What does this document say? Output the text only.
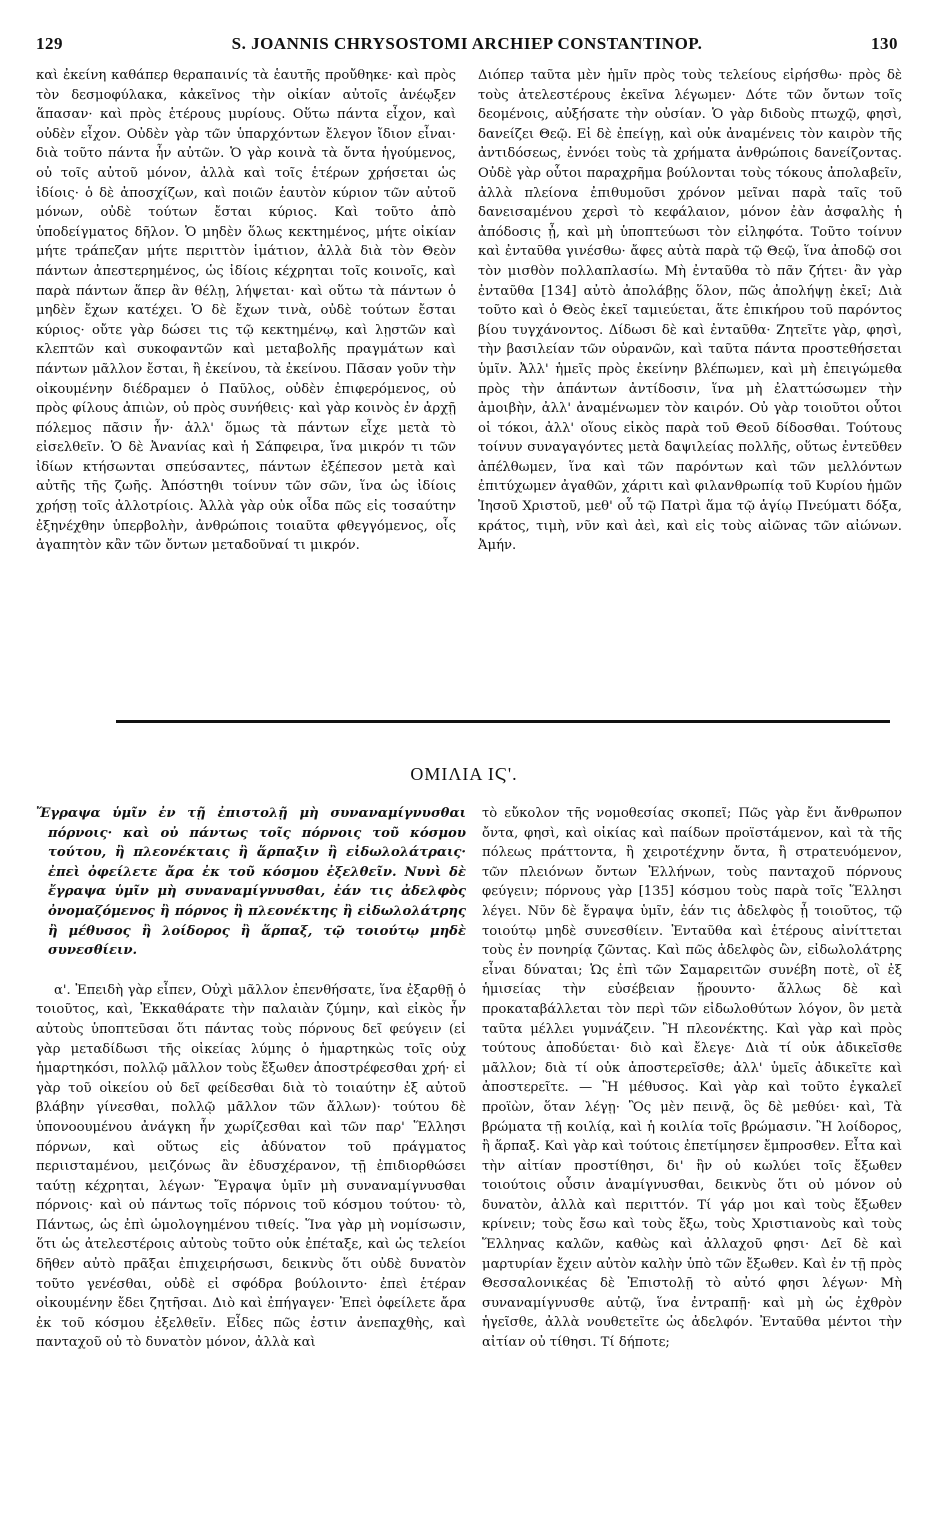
129	S. JOANNIS CHRYSOSTOMI ARCHIEP CONSTANTINOP.	130

καὶ ἐκείνη καθάπερ θεραπαινίς τὰ ἑαυτῆς προὔθηκε· καὶ πρὸς τὸν δεσμοφύλακα, κἀκεῖνος τὴν οἰκίαν αὐτοῖς ἀνέῳξεν ἅπασαν· καὶ πρὸς ἑτέρους μυρίους. Οὕτω πάντα εἶχον, καὶ οὐδὲν εἶχον. Οὐδὲν γὰρ τῶν ὑπαρχόντων ἔλεγον ἴδιον εἶναι· διὰ τοῦτο πάντα ἦν αὐτῶν. Ὁ γὰρ κοινὰ τὰ ὄντα ἡγούμενος, οὐ τοῖς αὐτοῦ μόνον, ἀλλὰ καὶ τοῖς ἑτέρων χρήσεται ὡς ἰδίοις· ὁ δὲ ἀποσχίζων, καὶ ποιῶν ἑαυτὸν κύριον τῶν αὐτοῦ μόνων, οὐδὲ τούτων ἔσται κύριος. Καὶ τοῦτο ἀπὸ ὑποδείγματος δῆλον. Ὁ μηδὲν ὅλως κεκτημένος, μήτε οἰκίαν μήτε τράπεζαν μήτε περιττὸν ἱμάτιον, ἀλλὰ διὰ τὸν Θεὸν πάντων ἀπεστερημένος, ὡς ἰδίοις κέχρηται τοῖς κοινοῖς, καὶ παρὰ πάντων ἅπερ ἂν θέλῃ, λήψεται· καὶ οὕτω τὰ πάντων ὁ μηδὲν ἔχων κατέχει. Ὁ δὲ ἔχων τινὰ, οὐδὲ τούτων ἔσται κύριος· οὔτε γὰρ δώσει τις τῷ κεκτημένῳ, καὶ λῃστῶν καὶ κλεπτῶν καὶ συκοφαντῶν καὶ μεταβολῆς πραγμάτων καὶ πάντων μᾶλλον ἔσται, ἢ ἐκείνου, τὰ ἐκείνου. Πᾶσαν γοῦν τὴν οἰκουμένην διέδραμεν ὁ Παῦλος, οὐδὲν ἐπιφερόμενος, οὐ πρὸς φίλους ἀπιὼν, οὐ πρὸς συνήθεις· καὶ γὰρ κοινὸς ἐν ἀρχῇ πόλεμος πᾶσιν ἦν· ἀλλ' ὅμως τὰ πάντων εἶχε μετὰ τὸ εἰσελθεῖν. Ὁ δὲ Ἀνανίας καὶ ἡ Σάπφειρα, ἵνα μικρόν τι τῶν ἰδίων κτήσωνται σπεύσαντες, πάντων ἐξέπεσον μετὰ καὶ αὐτῆς τῆς ζωῆς. Ἀπόστηθι τοίνυν τῶν σῶν, ἵνα ὡς ἰδίοις χρήσῃ τοῖς ἀλλοτρίοις. Ἀλλὰ γὰρ οὐκ οἶδα πῶς εἰς τοσαύτην ἐξηνέχθην ὑπερβολὴν, ἀνθρώποις τοιαῦτα φθεγγόμενος, οἷς ἀγαπητὸν κἂν τῶν ὄντων μεταδοῦναί τι μικρόν.

Διόπερ ταῦτα μὲν ἡμῖν πρὸς τοὺς τελείους εἰρήσθω· πρὸς δὲ τοὺς ἀτελεστέρους ἐκεῖνα λέγωμεν· Δότε τῶν ὄντων τοῖς δεομένοις, αὐξήσατε τὴν οὐσίαν. Ὁ γὰρ διδοὺς πτωχῷ, φησὶ, δανείζει Θεῷ. Εἰ δὲ ἐπείγῃ, καὶ οὐκ ἀναμένεις τὸν καιρὸν τῆς ἀντιδόσεως, ἐννόει τοὺς τὰ χρήματα ἀνθρώποις δανείζοντας. Οὐδὲ γὰρ οὗτοι παραχρῆμα βούλονται τοὺς τόκους ἀπολαβεῖν, ἀλλὰ πλείονα ἐπιθυμοῦσι χρόνον μεῖναι παρὰ ταῖς τοῦ δανεισαμένου χερσὶ τὸ κεφάλαιον, μόνον ἐὰν ἀσφαλὴς ἡ ἀπόδοσις ᾖ, καὶ μὴ ὑποπτεύωσι τὸν εἰληφότα. Τοῦτο τοίνυν καὶ ἐνταῦθα γινέσθω· ἄφες αὐτὰ παρὰ τῷ Θεῷ, ἵνα ἀποδῷ σοι τὸν μισθὸν πολλαπλασίω. Μὴ ἐνταῦθα τὸ πᾶν ζήτει· ἂν γὰρ ἐνταῦθα [134] αὐτὸ ἀπολάβῃς ὅλον, πῶς ἀπολήψῃ ἐκεῖ; Διὰ τοῦτο καὶ ὁ Θεὸς ἐκεῖ ταμιεύεται, ἅτε ἐπικήρου τοῦ παρόντος βίου τυγχάνοντος. Δίδωσι δὲ καὶ ἐνταῦθα· Ζητεῖτε γὰρ, φησὶ, τὴν βασιλείαν τῶν οὐρανῶν, καὶ ταῦτα πάντα προστεθήσεται ὑμῖν. Ἀλλ' ἡμεῖς πρὸς ἐκείνην βλέπωμεν, καὶ μὴ ἐπειγώμεθα πρὸς τὴν ἁπάντων ἀντίδοσιν, ἵνα μὴ ἐλαττώσωμεν τὴν ἀμοιβὴν, ἀλλ' ἀναμένωμεν τὸν καιρόν. Οὐ γὰρ τοιοῦτοι οὗτοι οἱ τόκοι, ἀλλ' οἵους εἰκὸς παρὰ τοῦ Θεοῦ δίδοσθαι. Τούτους τοίνυν συναγαγόντες μετὰ δαψιλείας πολλῆς, οὕτως ἐντεῦθεν ἀπέλθωμεν, ἵνα καὶ τῶν παρόντων καὶ τῶν μελλόντων ἐπιτύχωμεν ἀγαθῶν, χάριτι καὶ φιλανθρωπίᾳ τοῦ Κυρίου ἡμῶν Ἰησοῦ Χριστοῦ, μεθ' οὗ τῷ Πατρὶ ἅμα τῷ ἁγίῳ Πνεύματι δόξα, κράτος, τιμὴ, νῦν καὶ ἀεὶ, καὶ εἰς τοὺς αἰῶνας τῶν αἰώνων. Ἀμήν.

ΟΜΙΛΙΑ ΙϚ'.

Ἔγραψα ὑμῖν ἐν τῇ ἐπιστολῇ μὴ συναναμίγνυσθαι πόρνοις· καὶ οὐ πάντως τοῖς πόρνοις τοῦ κόσμου τούτου, ἢ πλεονέκταις ἢ ἅρπαξιν ἢ εἰδωλολάτραις· ἐπεὶ ὀφείλετε ἄρα ἐκ τοῦ κόσμου ἐξελθεῖν. Νυνὶ δὲ ἔγραψα ὑμῖν μὴ συναναμίγνυσθαι, ἐάν τις ἀδελφὸς ὀνομαζόμενος ἢ πόρνος ἢ πλεονέκτης ἢ εἰδωλολάτρης ἢ μέθυσος ἢ λοίδορος ἢ ἅρπαξ, τῷ τοιούτῳ μηδὲ συνεσθίειν.

α'. Ἐπειδὴ γὰρ εἶπεν, Οὐχὶ μᾶλλον ἐπενθήσατε, ἵνα ἐξαρθῇ ὁ τοιοῦτος, καὶ, Ἐκκαθάρατε τὴν παλαιὰν ζύμην, καὶ εἰκὸς ἦν αὐτοὺς ὑποπτεῦσαι ὅτι πάντας τοὺς πόρνους δεῖ φεύγειν (εἰ γὰρ μεταδίδωσι τῆς οἰκείας λύμης ὁ ἡμαρτηκὼς τοῖς οὐχ ἡμαρτηκόσι, πολλῷ μᾶλλον τοὺς ἔξωθεν ἀποστρέφεσθαι χρή· εἰ γὰρ τοῦ οἰκείου οὐ δεῖ φείδεσθαι διὰ τὸ τοιαύτην ἐξ αὐτοῦ βλάβην γίνεσθαι, πολλῷ μᾶλλον τῶν ἄλλων)· τούτου δὲ ὑπονοουμένου ἀνάγκη ἦν χωρίζεσθαι καὶ τῶν παρ' Ἕλλησι πόρνων, καὶ οὕτως εἰς ἀδύνατον τοῦ πράγματος περιισταμένου, μειζόνως ἂν ἐδυσχέρανον, τῇ ἐπιδιορθώσει ταύτῃ κέχρηται, λέγων· Ἔγραψα ὑμῖν μὴ συναναμίγνυσθαι πόρνοις· καὶ οὐ πάντως τοῖς πόρνοις τοῦ κόσμου τούτου· τὸ, Πάντως, ὡς ἐπὶ ὡμολογημένου τιθείς. Ἵνα γὰρ μὴ νομίσωσιν, ὅτι ὡς ἀτελεστέροις αὐτοὺς τοῦτο οὐκ ἐπέταξε, καὶ ὡς τελείοι δῆθεν αὐτὸ πρᾶξαι ἐπιχειρήσωσι, δεικνὺς ὅτι οὐδὲ δυνατὸν τοῦτο γενέσθαι, οὐδὲ εἰ σφόδρα βούλοιντο· ἐπεὶ ἑτέραν οἰκουμένην ἔδει ζητῆσαι. Διὸ καὶ ἐπήγαγεν· Ἐπεὶ ὀφείλετε ἄρα ἐκ τοῦ κόσμου ἐξελθεῖν. Εἶδες πῶς ἐστιν ἀνεπαχθὴς, καὶ πανταχοῦ οὐ τὸ δυνατὸν μόνον, ἀλλὰ καὶ

τὸ εὔκολον τῆς νομοθεσίας σκοπεῖ; Πῶς γὰρ ἔνι ἄνθρωπον ὄντα, φησὶ, καὶ οἰκίας καὶ παίδων προϊστάμενον, καὶ τὰ τῆς πόλεως πράττοντα, ἢ χειροτέχνην ὄντα, ἢ στρατευόμενον, τῶν πλειόνων ὄντων Ἑλλήνων, τοὺς πανταχοῦ πόρνους φεύγειν; πόρνους γὰρ [135] κόσμου τοὺς παρὰ τοῖς Ἕλλησι λέγει. Νῦν δὲ ἔγραψα ὑμῖν, ἐάν τις ἀδελφὸς ᾖ τοιοῦτος, τῷ τοιούτῳ μηδὲ συνεσθίειν. Ἐνταῦθα καὶ ἑτέρους αἰνίττεται τοὺς ἐν πονηρίᾳ ζῶντας. Καὶ πῶς ἀδελφὸς ὢν, εἰδωλολάτρης εἶναι δύναται; Ὡς ἐπὶ τῶν Σαμαρειτῶν συνέβη ποτὲ, οἳ ἐξ ἡμισείας τὴν εὐσέβειαν ᾕρουντο· ἄλλως δὲ καὶ προκαταβάλλεται τὸν περὶ τῶν εἰδωλοθύτων λόγον, ὃν μετὰ ταῦτα μέλλει γυμνάζειν. Ἢ πλεονέκτης. Καὶ γὰρ καὶ πρὸς τούτους ἀποδύεται· διὸ καὶ ἔλεγε· Διὰ τί οὐκ ἀδικεῖσθε μᾶλλον; διὰ τί οὐκ ἀποστερεῖσθε; ἀλλ' ὑμεῖς ἀδικεῖτε καὶ ἀποστερεῖτε. — Ἢ μέθυσος. Καὶ γὰρ καὶ τοῦτο ἐγκαλεῖ προϊὼν, ὅταν λέγῃ· Ὃς μὲν πεινᾷ, ὃς δὲ μεθύει· καὶ, Τὰ βρώματα τῇ κοιλίᾳ, καὶ ἡ κοιλία τοῖς βρώμασιν. Ἢ λοίδορος, ἢ ἅρπαξ. Καὶ γὰρ καὶ τούτοις ἐπετίμησεν ἔμπροσθεν. Εἶτα καὶ τὴν αἰτίαν προστίθησι, δι' ἣν οὐ κωλύει τοῖς ἔξωθεν τοιούτοις οὖσιν ἀναμίγνυσθαι, δεικνὺς ὅτι οὐ μόνον οὐ δυνατὸν, ἀλλὰ καὶ περιττόν. Τί γάρ μοι καὶ τοὺς ἔξωθεν κρίνειν; τοὺς ἔσω καὶ τοὺς ἔξω, τοὺς Χριστιανοὺς καὶ τοὺς Ἕλληνας καλῶν, καθὼς καὶ ἀλλαχοῦ φησι· Δεῖ δὲ καὶ μαρτυρίαν ἔχειν αὐτὸν καλὴν ὑπὸ τῶν ἔξωθεν. Καὶ ἐν τῇ πρὸς Θεσσαλονικέας δὲ Ἐπιστολῇ τὸ αὐτό φησι λέγων· Μὴ συναναμίγνυσθε αὐτῷ, ἵνα ἐντραπῇ· καὶ μὴ ὡς ἐχθρὸν ἡγεῖσθε, ἀλλὰ νουθετεῖτε ὡς ἀδελφόν. Ἐνταῦθα μέντοι τὴν αἰτίαν οὐ τίθησι. Τί δήποτε;
